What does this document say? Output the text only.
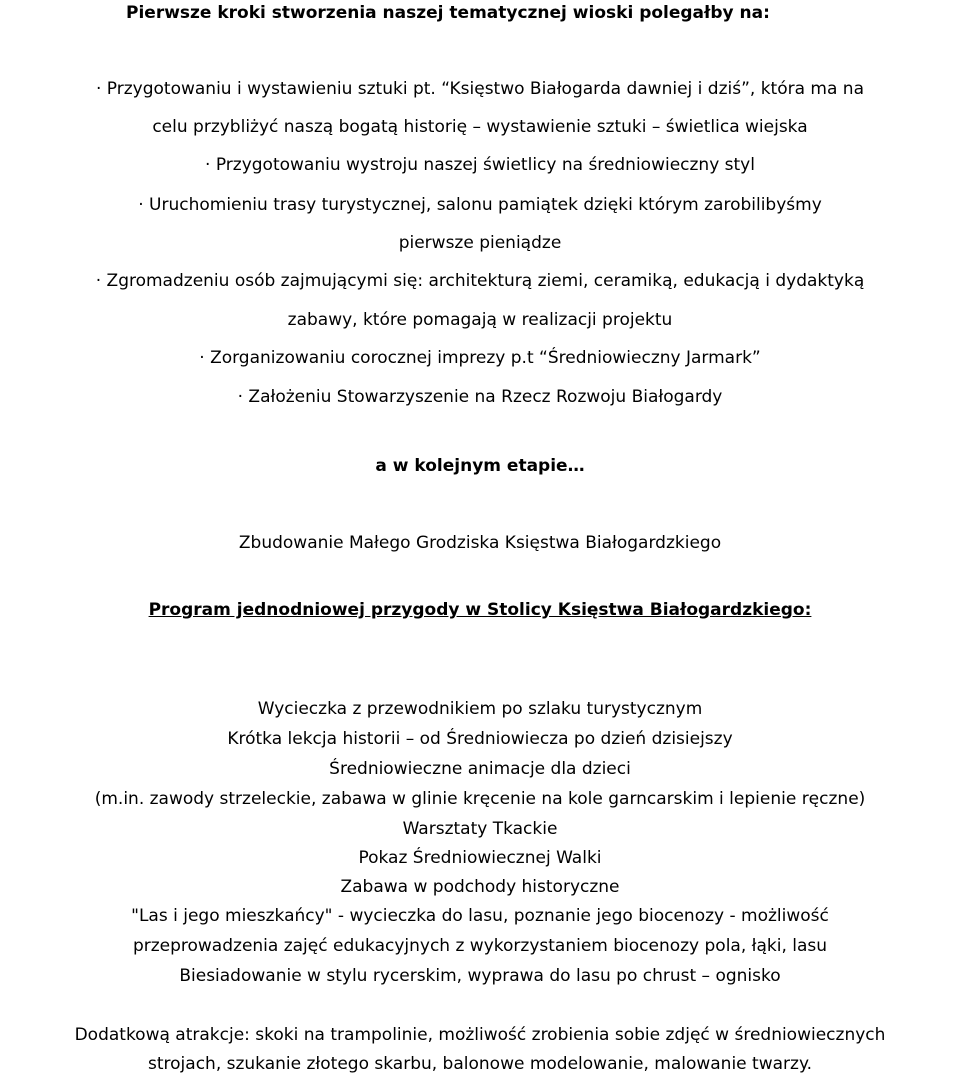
Pierwsze kroki stworzenia naszej tematycznej wioski polegałby na:
· Przygotowaniu i wystawieniu sztuki pt. “Księstwo Białogarda dawniej i dziś”, która ma na
celu przybliżyć naszą bogatą historię – wystawienie sztuki – świetlica wiejska
· Przygotowaniu wystroju naszej świetlicy na średniowieczny styl
· Uruchomieniu trasy turystycznej, salonu pamiątek dzięki którym zarobilibyśmy
pierwsze pieniądze
· Zgromadzeniu osób zajmującymi się: architekturą ziemi, ceramiką, edukacją i dydaktyką
zabawy, które pomagają w realizacji projektu
· Zorganizowaniu corocznej imprezy p.t “Średniowieczny Jarmark”
· Założeniu Stowarzyszenie na Rzecz Rozwoju Białogardy
a w kolejnym etapie…
Zbudowanie Małego Grodziska Księstwa Białogardzkiego
Program jednodniowej przygody w Stolicy Księstwa Białogardzkiego:
Wycieczka z przewodnikiem po szlaku turystycznym
Krótka lekcja historii – od Średniowiecza po dzień dzisiejszy
Średniowieczne animacje dla dzieci
(m.in. zawody strzeleckie, zabawa w glinie kręcenie na kole garncarskim i lepienie ręczne)
Warsztaty Tkackie
Pokaz Średniowiecznej Walki
Zabawa w podchody historyczne
"Las i jego mieszkańcy" - wycieczka do lasu, poznanie jego biocenozy - możliwość
przeprowadzenia zajęć edukacyjnych z wykorzystaniem biocenozy pola, łąki, lasu
Biesiadowanie w stylu rycerskim, wyprawa do lasu po chrust – ognisko
Dodatkową atrakcje: skoki na trampolinie, możliwość zrobienia sobie zdjęć w średniowiecznych
strojach, szukanie złotego skarbu, balonowe modelowanie, malowanie twarzy.
